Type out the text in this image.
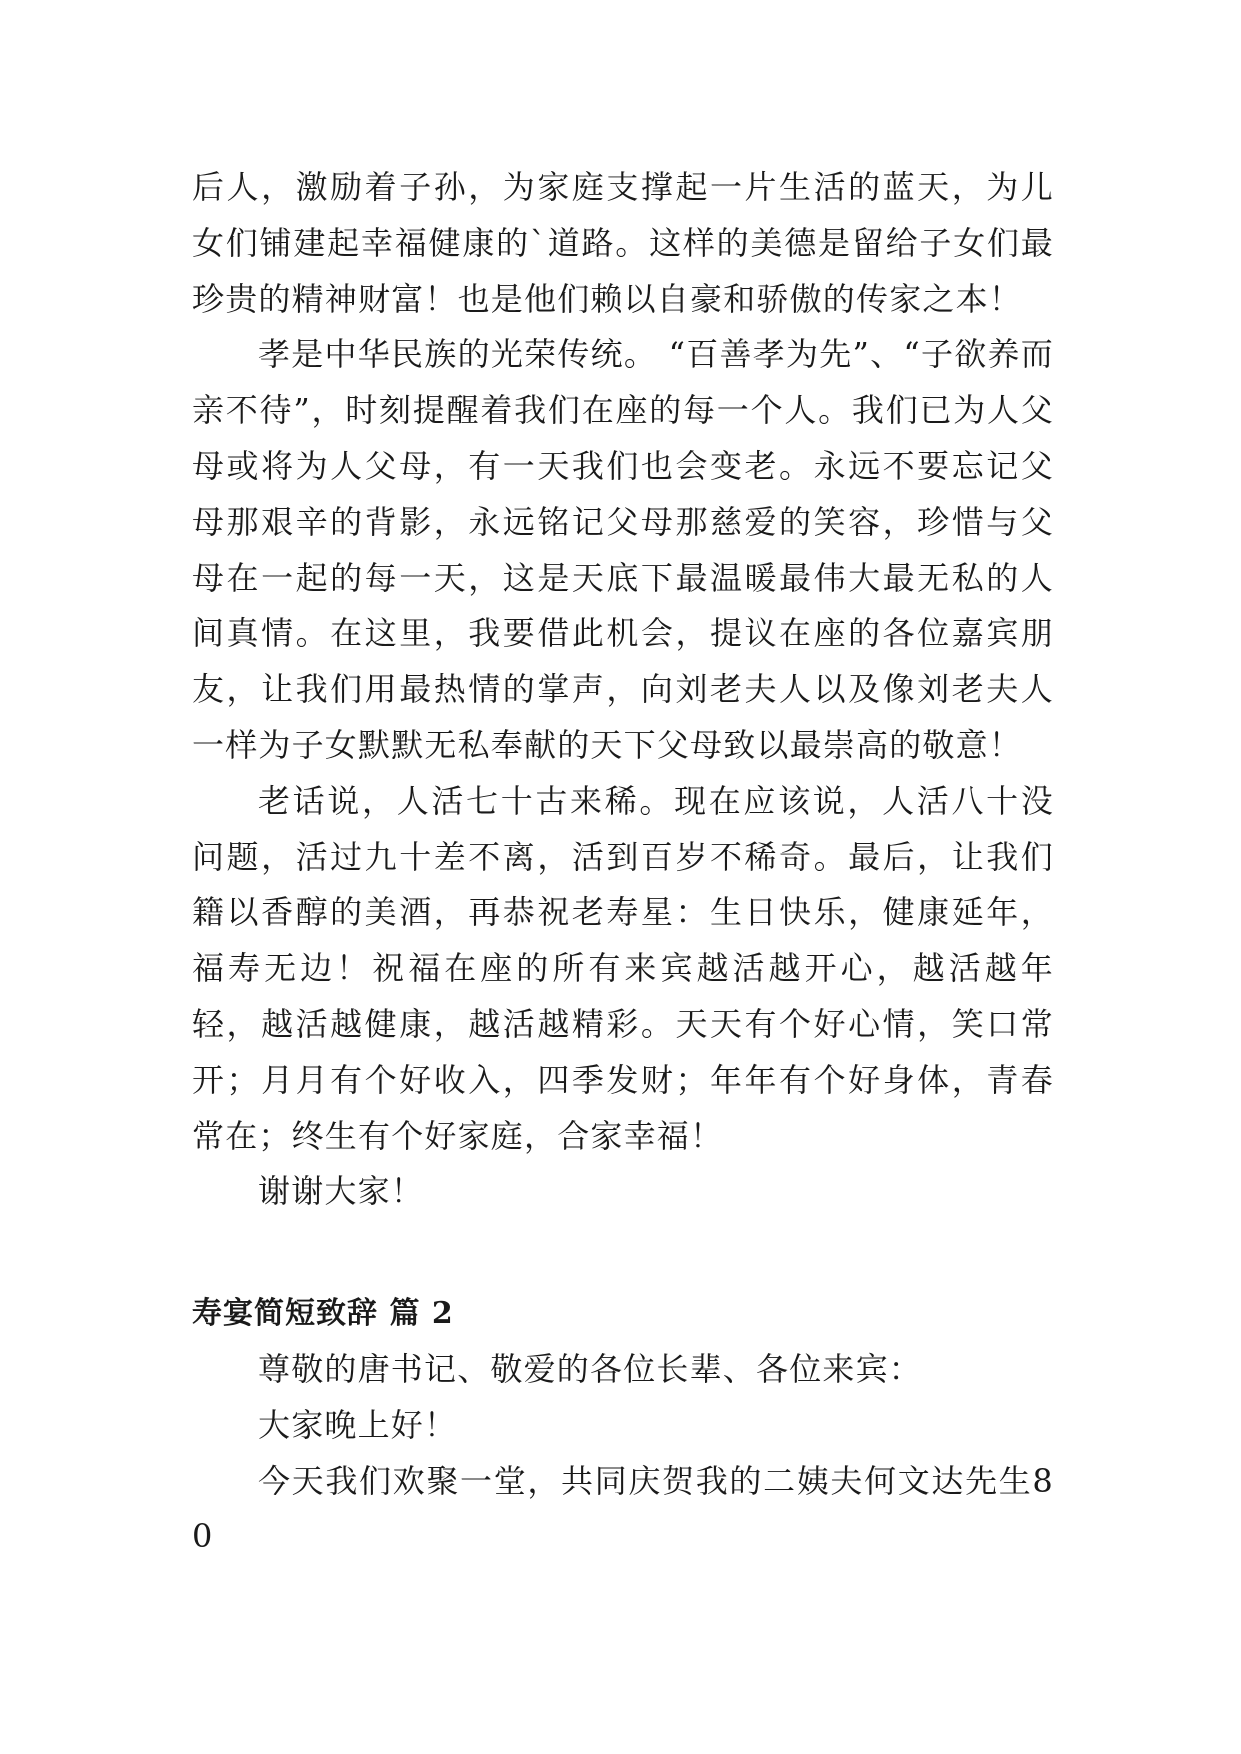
后人，激励着子孙，为家庭支撑起一片生活的蓝天，为儿女们铺建起幸福健康的`道路。这样的美德是留给子女们最珍贵的精神财富！也是他们赖以自豪和骄傲的传家之本！

孝是中华民族的光荣传统。 “百善孝为先”、“子欲养而亲不待”，时刻提醒着我们在座的每一个人。我们已为人父母或将为人父母，有一天我们也会变老。永远不要忘记父母那艰辛的背影，永远铭记父母那慈爱的笑容，珍惜与父母在一起的每一天，这是天底下最温暖最伟大最无私的人间真情。在这里，我要借此机会，提议在座的各位嘉宾朋友，让我们用最热情的掌声，向刘老夫人以及像刘老夫人一样为子女默默无私奉献的天下父母致以最崇高的敬意！

老话说，人活七十古来稀。现在应该说，人活八十没问题，活过九十差不离，活到百岁不稀奇。最后，让我们籍以香醇的美酒，再恭祝老寿星：生日快乐，健康延年，福寿无边！祝福在座的所有来宾越活越开心，越活越年轻，越活越健康，越活越精彩。天天有个好心情，笑口常开；月月有个好收入，四季发财；年年有个好身体，青春常在；终生有个好家庭，合家幸福！

谢谢大家！

寿宴简短致辞 篇 2

尊敬的唐书记、敬爱的各位长辈、各位来宾：

大家晚上好！

今天我们欢聚一堂，共同庆贺我的二姨夫何文达先生80
